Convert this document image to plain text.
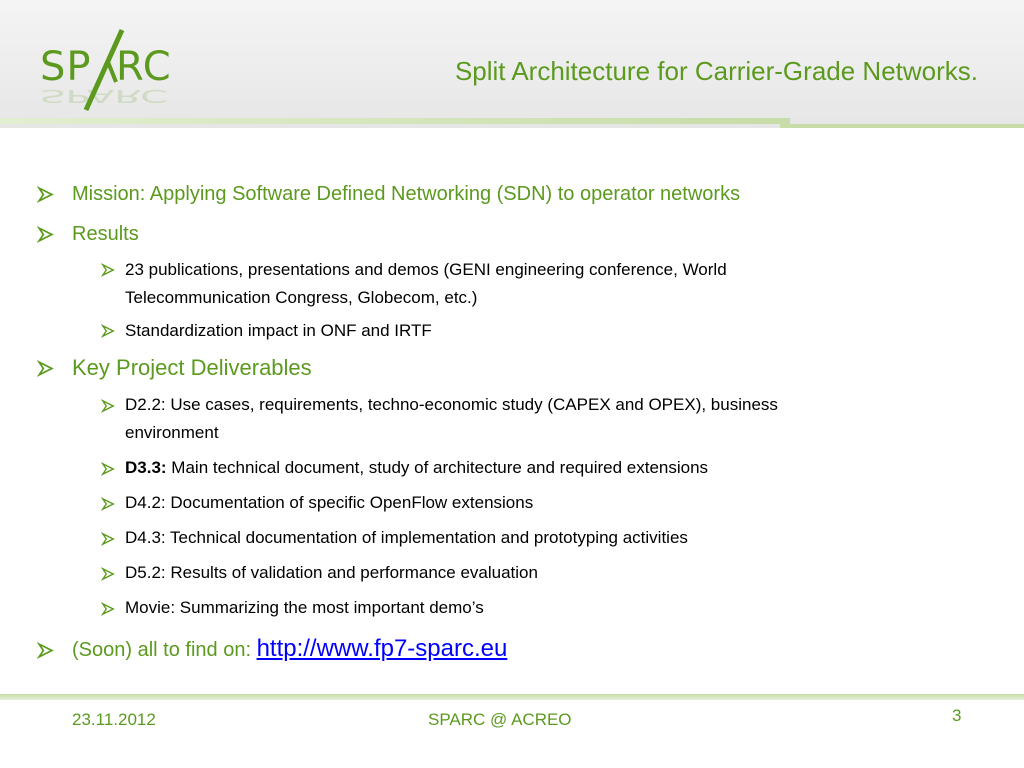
SP RC
SPARC
Split Architecture for Carrier-Grade Networks.
Mission: Applying Software Defined Networking (SDN) to operator networks
Results
23 publications, presentations and demos (GENI engineering conference, World
Telecommunication Congress, Globecom, etc.)
Standardization impact in ONF and IRTF
Key Project Deliverables
D2.2: Use cases, requirements, techno-economic study (CAPEX and OPEX), business
environment
D3.3: Main technical document, study of architecture and required extensions
D4.2: Documentation of specific OpenFlow extensions
D4.3: Technical documentation of implementation and prototyping activities
D5.2: Results of validation and performance evaluation
Movie: Summarizing the most important demo’s
(Soon) all to find on: http://www.fp7-sparc.eu
23.11.2012	SPARC @ ACREO	3
